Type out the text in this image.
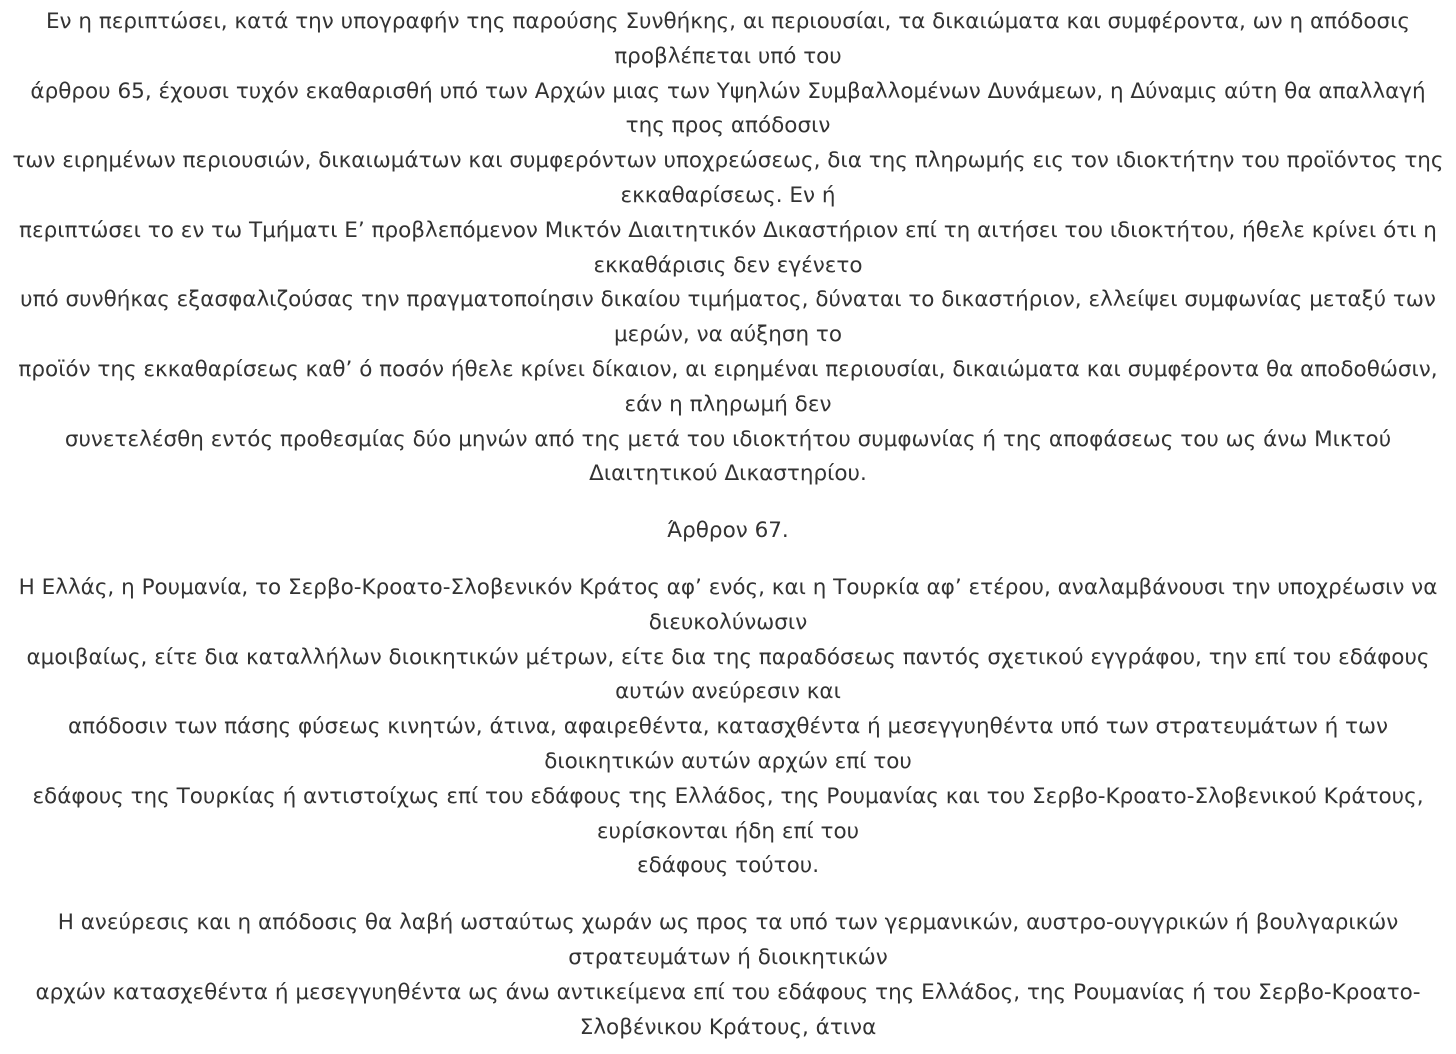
Εν η περιπτώσει, κατά την υπογραφήν της παρούσης Συνθήκης, αι περιουσίαι, τα δικαιώματα και συμφέροντα, ων η απόδοσις προβλέπεται υπό του
άρθρου 65, έχουσι τυχόν εκαθαρισθή υπό των Αρχών μιας των Υψηλών Συμβαλλομένων Δυνάμεων, η Δύναμις αύτη θα απαλλαγή της προς απόδοσιν
των ειρημένων περιουσιών, δικαιωμάτων και συμφερόντων υποχρεώσεως, δια της πληρωμής εις τον ιδιοκτήτην του προϊόντος της εκκαθαρίσεως. Εν ή
περιπτώσει το εν τω Τμήματι Ε’ προβλεπόμενον Μικτόν Διαιτητικόν Δικαστήριον επί τη αιτήσει του ιδιοκτήτου, ήθελε κρίνει ότι η εκκαθάρισις δεν εγένετο
υπό συνθήκας εξασφαλιζούσας την πραγματοποίησιν δικαίου τιμήματος, δύναται το δικαστήριον, ελλείψει συμφωνίας μεταξύ των μερών, να αύξηση το
προϊόν της εκκαθαρίσεως καθ’ ό ποσόν ήθελε κρίνει δίκαιον, αι ειρημέναι περιουσίαι, δικαιώματα και συμφέροντα θα αποδοθώσιν, εάν η πληρωμή δεν
συνετελέσθη εντός προθεσμίας δύο μηνών από της μετά του ιδιοκτήτου συμφωνίας ή της αποφάσεως του ως άνω Μικτού Διαιτητικού Δικαστηρίου.

Άρθρον 67.

Η Ελλάς, η Ρουμανία, το Σερβο-Κροατο-Σλοβενικόν Κράτος αφ’ ενός, και η Τουρκία αφ’ ετέρου, αναλαμβάνουσι την υποχρέωσιν να διευκολύνωσιν
αμοιβαίως, είτε δια καταλλήλων διοικητικών μέτρων, είτε δια της παραδόσεως παντός σχετικού εγγράφου, την επί του εδάφους αυτών ανεύρεσιν και
απόδοσιν των πάσης φύσεως κινητών, άτινα, αφαιρεθέντα, κατασχθέντα ή μεσεγγυηθέντα υπό των στρατευμάτων ή των διοικητικών αυτών αρχών επί του
εδάφους της Τουρκίας ή αντιστοίχως επί του εδάφους της Ελλάδος, της Ρουμανίας και του Σερβο-Κροατο-Σλοβενικού Κράτους, ευρίσκονται ήδη επί του
εδάφους τούτου.

Η ανεύρεσις και η απόδοσις θα λαβή ωσταύτως χωράν ως προς τα υπό των γερμανικών, αυστρο-ουγγρικών ή βουλγαρικών στρατευμάτων ή διοικητικών
αρχών κατασχεθέντα ή μεσεγγυηθέντα ως άνω αντικείμενα επί του εδάφους της Ελλάδος, της Ρουμανίας ή του Σερβο-Κροατο-Σλοβένικου Κράτους, άτινα
